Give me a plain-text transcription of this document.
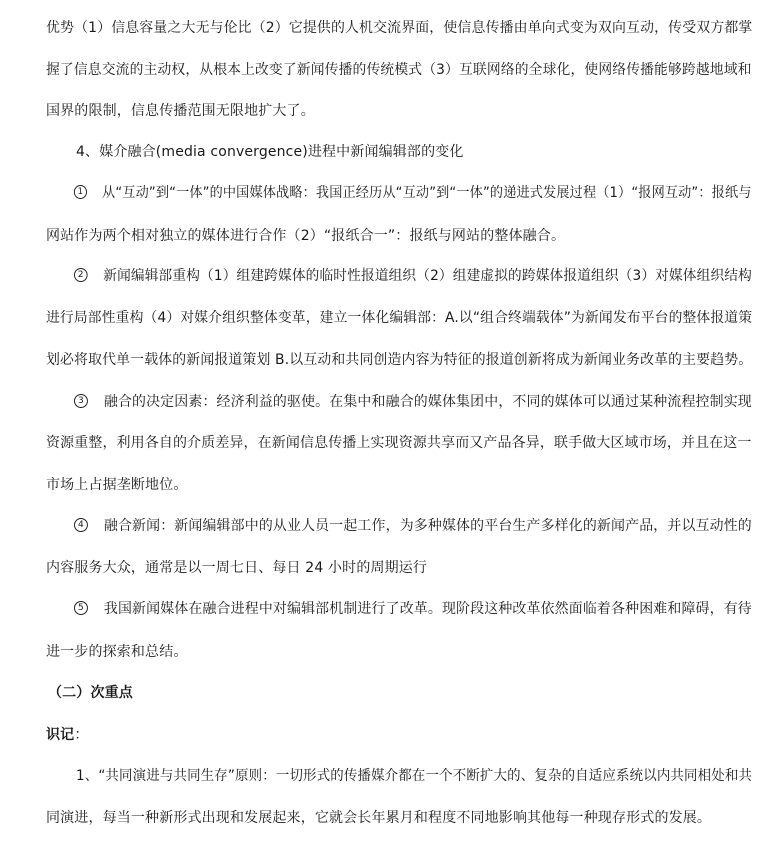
优势（1）信息容量之大无与伦比（2）它提供的人机交流界面，使信息传播由单向式变为双向互动，传受双方都掌
握了信息交流的主动权，从根本上改变了新闻传播的传统模式（3）互联网络的全球化，使网络传播能够跨越地域和
国界的限制，信息传播范围无限地扩大了。
4、媒介融合(media convergence)进程中新闻编辑部的变化
1 从“互动”到“一体”的中国媒体战略：我国正经历从“互动”到“一体”的递进式发展过程（1）“报网互动”：报纸与
网站作为两个相对独立的媒体进行合作（2）“报纸合一”：报纸与网站的整体融合。
2 新闻编辑部重构（1）组建跨媒体的临时性报道组织（2）组建虚拟的跨媒体报道组织（3）对媒体组织结构
进行局部性重构（4）对媒介组织整体变革，建立一体化编辑部：A.以“组合终端载体”为新闻发布平台的整体报道策
划必将取代单一载体的新闻报道策划 B.以互动和共同创造内容为特征的报道创新将成为新闻业务改革的主要趋势。
3 融合的决定因素：经济利益的驱使。在集中和融合的媒体集团中，不同的媒体可以通过某种流程控制实现
资源重整，利用各自的介质差异，在新闻信息传播上实现资源共享而又产品各异，联手做大区域市场，并且在这一
市场上占据垄断地位。
4 融合新闻：新闻编辑部中的从业人员一起工作，为多种媒体的平台生产多样化的新闻产品，并以互动性的
内容服务大众，通常是以一周七日、每日 24 小时的周期运行
5 我国新闻媒体在融合进程中对编辑部机制进行了改革。现阶段这种改革依然面临着各种困难和障碍，有待
进一步的探索和总结。
（二）次重点
识记：
1、“共同演进与共同生存”原则：一切形式的传播媒介都在一个不断扩大的、复杂的自适应系统以内共同相处和共
同演进，每当一种新形式出现和发展起来，它就会长年累月和程度不同地影响其他每一种现存形式的发展。
